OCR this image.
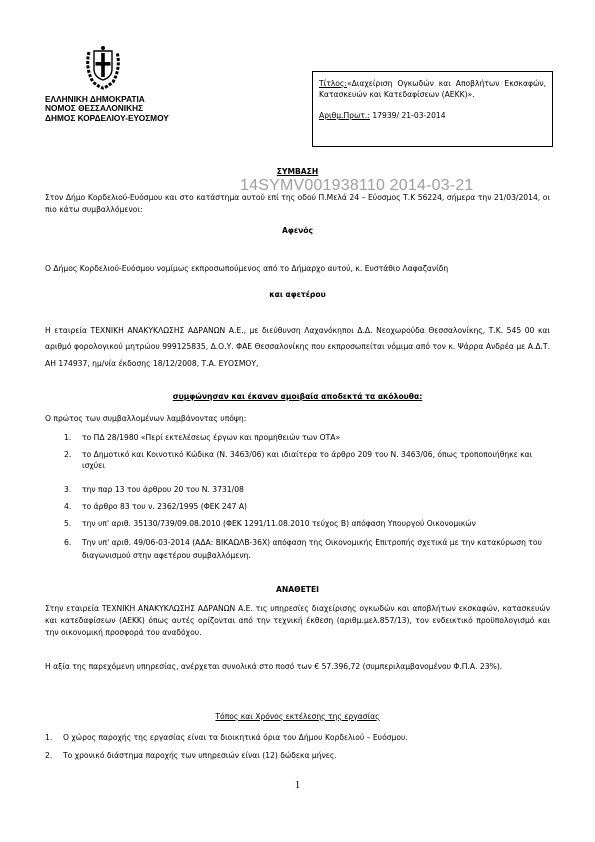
ΕΛΛΗΝΙΚΗ ΔΗΜΟΚΡΑΤΙΑ
ΝΟΜΟΣ ΘΕΣΣΑΛΟΝΙΚΗΣ
ΔΗΜΟΣ ΚΟΡΔΕΛΙΟΥ-ΕΥΟΣΜΟΥ
Τίτλος:«Διαχείριση Ογκωδών και Αποβλήτων Εκσκαφών, Κατασκευών και Κατεδαφίσεων (ΑΕΚΚ)».
Αριθμ.Πρωτ.: 17939/ 21-03-2014
14SYMV001938110 2014-03-21
ΣΥΜΒΑΣΗ
Στον Δήμο Κορδελιού-Ευόσμου και στο κατάστημα αυτού επί της οδού Π.Μελά 24 – Εύοσμος Τ.Κ 56224, σήμερα την 21/03/2014, οι πιο κάτω συμβαλλόμενοι:
Αφενός
Ο Δήμος Κορδελιού-Ευόσμου νομίμως εκπροσωπούμενος από το Δήμαρχο αυτού, κ. Ευστάθιο Λαφαζανίδη
και αφετέρου
Η εταιρεία ΤΕΧΝΙΚΗ ΑΝΑΚΥΚΛΩΣΗΣ ΑΔΡΑΝΩΝ Α.Ε., με διεύθυνση Λαχανόκηποι Δ.Δ. Νεοχωρούδα Θεσσαλονίκης, Τ.Κ. 545 00 και αριθμό φορολογικού μητρώου 999125835, Δ.Ο.Υ. ΦΑΕ Θεσσαλονίκης που εκπροσωπείται νόμιμα από τον κ. Ψάρρα Ανδρέα με Α.Δ.Τ. ΑΗ 174937, ημ/νία έκδοσης 18/12/2008, Τ.Α. ΕΥΟΣΜΟΥ,
συμφώνησαν και έκαναν αμοιβαία αποδεκτά τα ακόλουθα:
Ο πρώτος των συμβαλλομένων λαμβάνοντας υπόψη:
1. το ΠΔ 28/1980 «Περί εκτελέσεως έργων και προμηθειών των ΟΤΑ»
2. το Δημοτικό και Κοινοτικό Κώδικα (Ν. 3463/06) και ιδιαίτερα το άρθρο 209 του Ν. 3463/06, όπως τροποποιήθηκε και ισχύει
3. την παρ 13 του άρθρου 20 του Ν. 3731/08
4. το άρθρο 83 του ν. 2362/1995 (ΦΕΚ 247 Α)
5. την υπ' αριθ. 35130/739/09.08.2010 (ΦΕΚ 1291/11.08.2010 τεύχος Β) απόφαση Υπουργού Οικονομικών
6. Την υπ' αριθ. 49/06-03-2014 (ΑΔΑ: ΒΙΚΑΩΛΒ-36Χ) απόφαση της Οικονομικής Επιτροπής σχετικά με την κατακύρωση του διαγωνισμού στην αφετέρου συμβαλλόμενη.
ΑΝΑΘΕΤΕΙ
Στην εταιρεία ΤΕΧΝΙΚΗ ΑΝΑΚΥΚΛΩΣΗΣ ΑΔΡΑΝΩΝ Α.Ε. τις υπηρεσίες διαχείρισης ογκωδών και αποβλήτων εκσκαφών, κατασκευών και κατεδαφίσεων (ΑΕΚΚ) όπως αυτές ορίζονται από την τεχνική έκθεση (αριθμ.μελ.857/13), τον ενδεικτικό προϋπολογισμό και την οικονομική προσφορά του αναδόχου.
Η αξία της παρεχόμενη υπηρεσίας, ανέρχεται συνολικά στο ποσό των € 57.396,72 (συμπεριλαμβανομένου Φ.Π.Α. 23%).
Τόπος και Χρόνος εκτέλεσης της εργασίας
1. Ο χώρος παροχής της εργασίας είναι τα διοικητικά όρια του Δήμου Κορδελιού – Ευόσμου.
2. Το χρονικό διάστημα παροχής των υπηρεσιών είναι (12) δώδεκα μήνες.
1
